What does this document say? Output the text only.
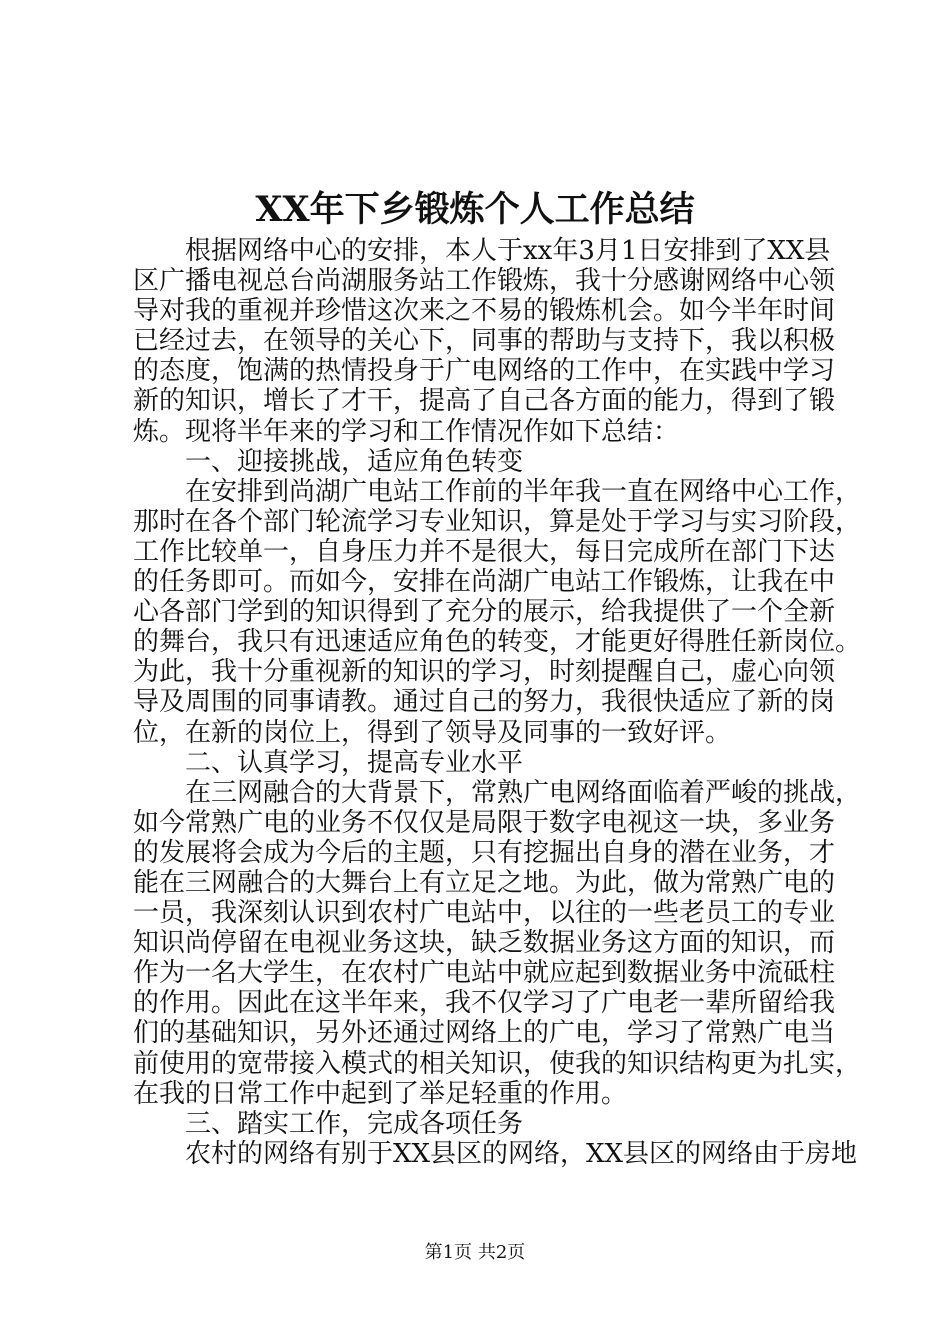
XX年下乡锻炼个人工作总结
　　根据网络中心的安排，本人于xx年3月1日安排到了XX县
区广播电视总台尚湖服务站工作锻炼，我十分感谢网络中心领
导对我的重视并珍惜这次来之不易的锻炼机会。如今半年时间
已经过去，在领导的关心下，同事的帮助与支持下，我以积极
的态度，饱满的热情投身于广电网络的工作中，在实践中学习
新的知识，增长了才干，提高了自己各方面的能力，得到了锻
炼。现将半年来的学习和工作情况作如下总结：
　　一、迎接挑战，适应角色转变
　　在安排到尚湖广电站工作前的半年我一直在网络中心工作，
那时在各个部门轮流学习专业知识，算是处于学习与实习阶段，
工作比较单一，自身压力并不是很大，每日完成所在部门下达
的任务即可。而如今，安排在尚湖广电站工作锻炼，让我在中
心各部门学到的知识得到了充分的展示，给我提供了一个全新
的舞台，我只有迅速适应角色的转变，才能更好得胜任新岗位。
为此，我十分重视新的知识的学习，时刻提醒自己，虚心向领
导及周围的同事请教。通过自己的努力，我很快适应了新的岗
位，在新的岗位上，得到了领导及同事的一致好评。
　　二、认真学习，提高专业水平
　　在三网融合的大背景下，常熟广电网络面临着严峻的挑战，
如今常熟广电的业务不仅仅是局限于数字电视这一块，多业务
的发展将会成为今后的主题，只有挖掘出自身的潜在业务，才
能在三网融合的大舞台上有立足之地。为此，做为常熟广电的
一员，我深刻认识到农村广电站中，以往的一些老员工的专业
知识尚停留在电视业务这块，缺乏数据业务这方面的知识，而
作为一名大学生，在农村广电站中就应起到数据业务中流砥柱
的作用。因此在这半年来，我不仅学习了广电老一辈所留给我
们的基础知识，另外还通过网络上的广电，学习了常熟广电当
前使用的宽带接入模式的相关知识，使我的知识结构更为扎实，
在我的日常工作中起到了举足轻重的作用。
　　三、踏实工作，完成各项任务
　　农村的网络有别于XX县区的网络，XX县区的网络由于房地
第1页 共2页
